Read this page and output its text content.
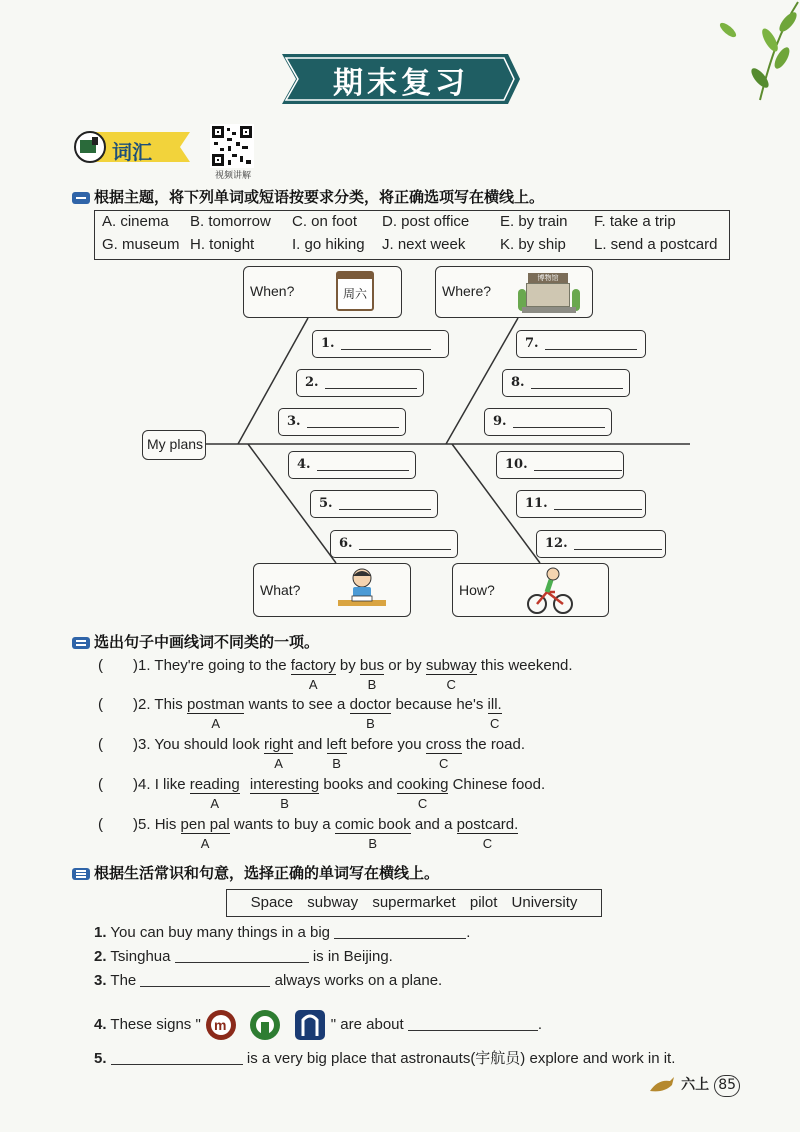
期末复习
词汇
视频讲解
根据主题，将下列单词或短语按要求分类，将正确选项写在横线上。
A. cinema B. tomorrow C. on foot D. post office E. by train F. take a trip
G. museum H. tonight	I. go hiking J. next week K. by ship L. send a postcard
My plans
When?	周六	Where?
博物馆
1.
2.
3.
4.
5.
6.
7.
8.
9.
10.
11.
12.
What?	How?
选出句子中画线词不同类的一项。
( )1. They're going to the factory
A
by bus
B
or by subway
C
this weekend.
( )2. This postman
A
wants to see a doctor
B
because he's ill.
C
( )3. You should look right
A
and left
B
before you cross
C
the road.
( )4. I like reading
A
interesting
B
books and cooking
C
Chinese food.
( )5. His pen pal
A
wants to buy a comic book
B
and a postcard.
C
根据生活常识和句意，选择正确的单词写在横线上。
Space subway supermarket pilot University
1. You can buy many things in a big	.
2. Tsinghua	is in Beijing.
3. The	always works on a plane.
4. These signs " m	" are about	.
5.	is a very big place that astronauts(宇航员) explore and work in it.
六上 85
